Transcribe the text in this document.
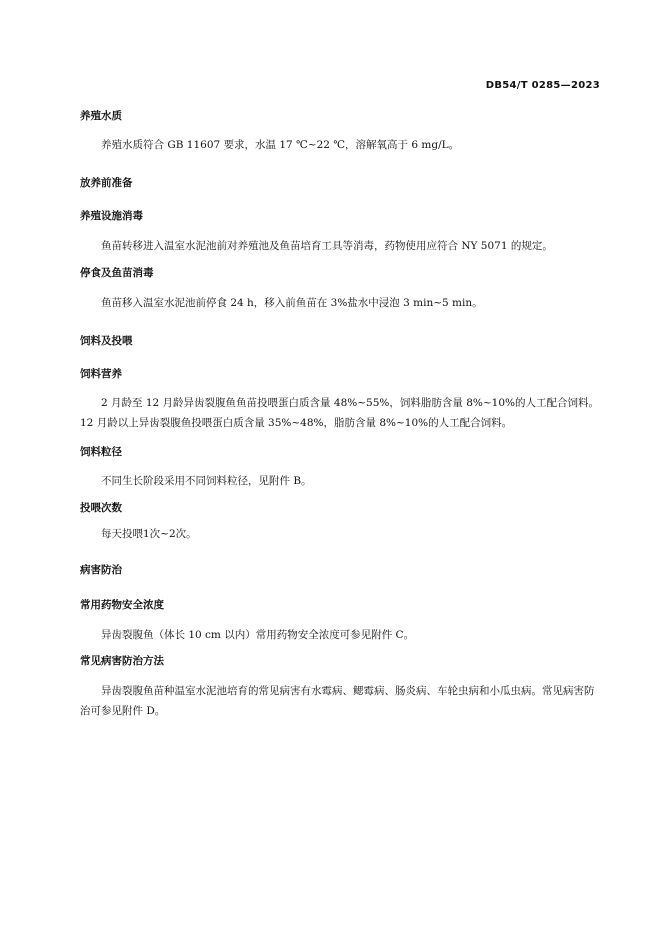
DB54/T 0285—2023
养殖水质
养殖水质符合 GB 11607 要求，水温 17 ℃~22 ℃，溶解氧高于 6 mg/L。
放养前准备
养殖设施消毒
鱼苗转移进入温室水泥池前对养殖池及鱼苗培育工具等消毒，药物使用应符合 NY 5071 的规定。
停食及鱼苗消毒
鱼苗移入温室水泥池前停食 24 h，移入前鱼苗在 3%盐水中浸泡 3 min~5 min。
饲料及投喂
饲料营养
2 月龄至 12 月龄异齿裂腹鱼鱼苗投喂蛋白质含量 48%~55%，饲料脂肪含量 8%~10%的人工配合饲料。12 月龄以上异齿裂腹鱼投喂蛋白质含量 35%~48%，脂肪含量 8%~10%的人工配合饲料。
饲料粒径
不同生长阶段采用不同饲料粒径，见附件 B。
投喂次数
每天投喂1次~2次。
病害防治
常用药物安全浓度
异齿裂腹鱼（体长 10 cm 以内）常用药物安全浓度可参见附件 C。
常见病害防治方法
异齿裂腹鱼苗种温室水泥池培育的常见病害有水霉病、鳃霉病、肠炎病、车轮虫病和小瓜虫病。常见病害防治可参见附件 D。
